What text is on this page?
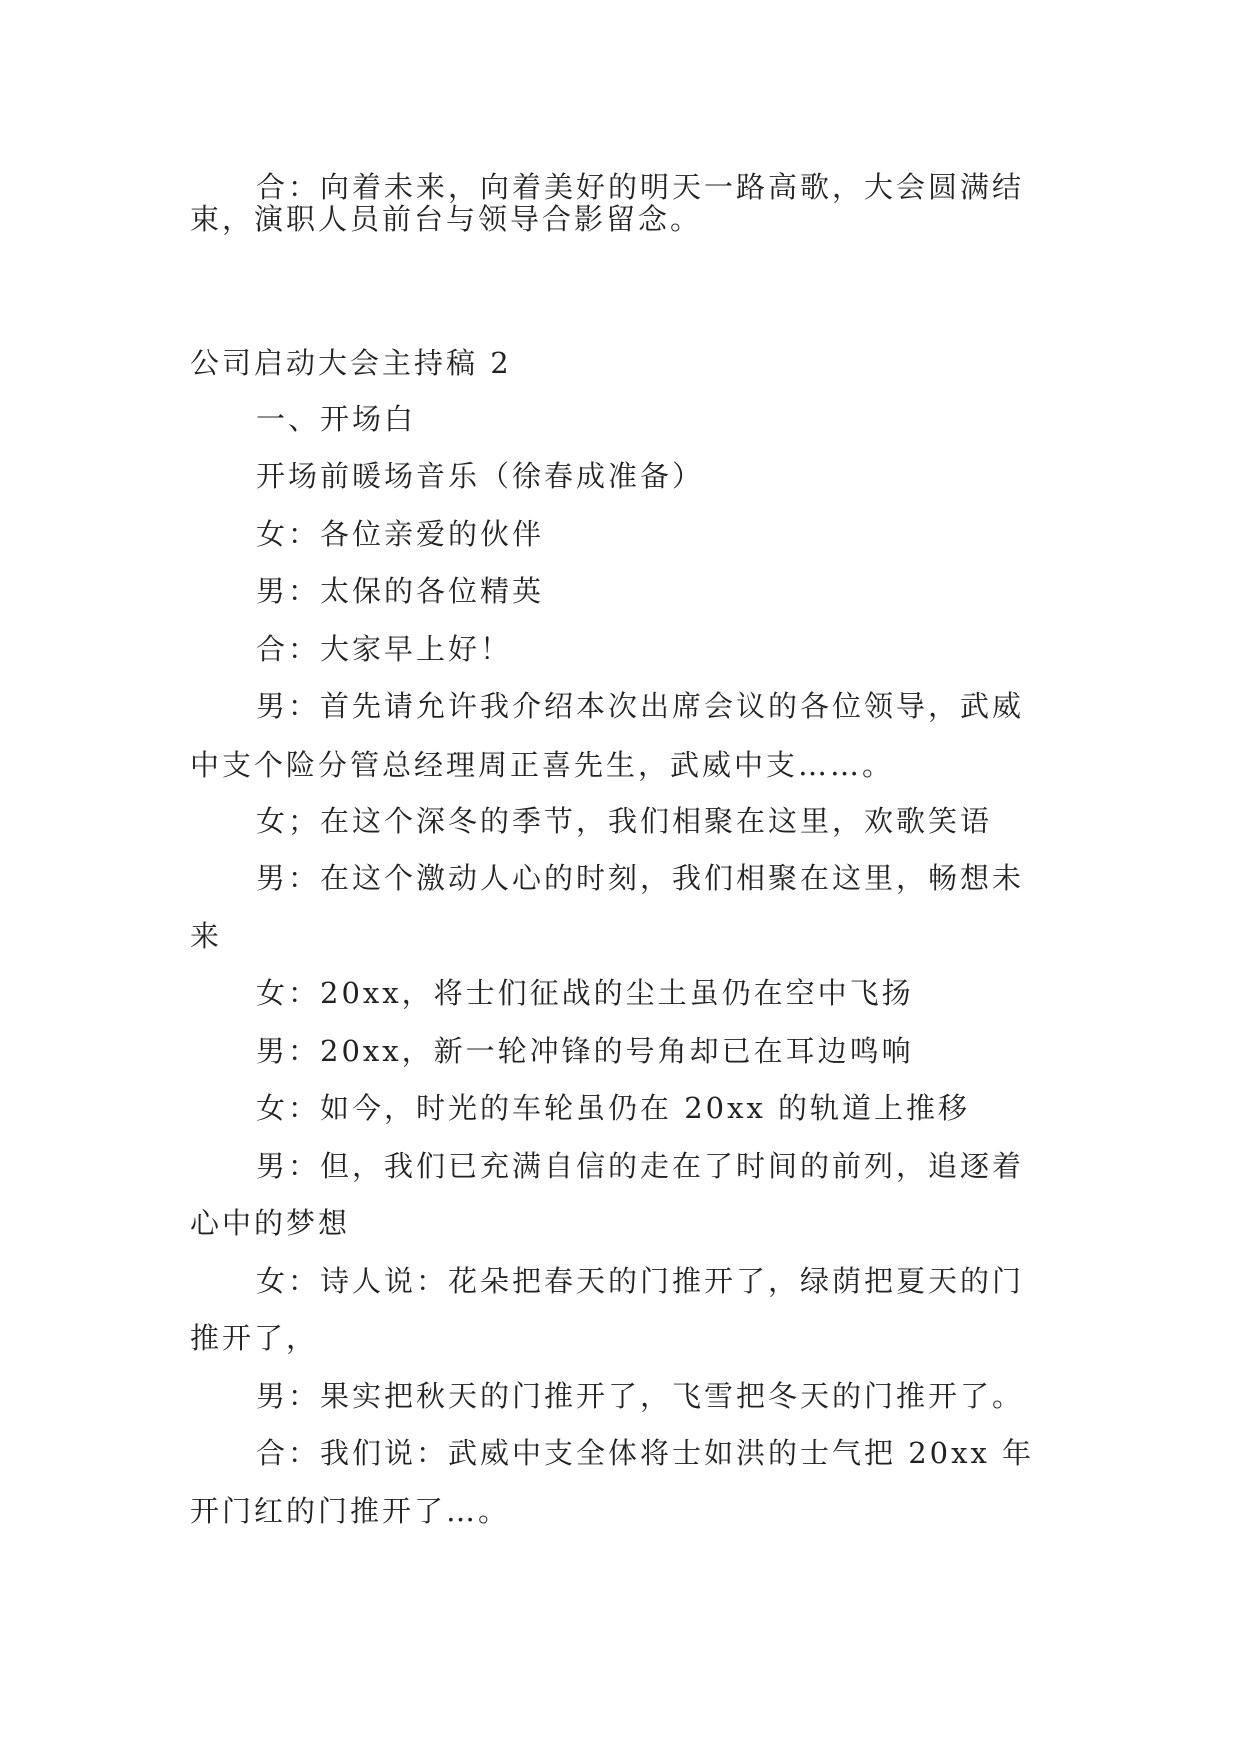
合：向着未来，向着美好的明天一路高歌，大会圆满结
束，演职人员前台与领导合影留念。
公司启动大会主持稿 2
一、开场白
开场前暖场音乐（徐春成准备）
女：各位亲爱的伙伴
男：太保的各位精英
合：大家早上好！
男：首先请允许我介绍本次出席会议的各位领导，武威
中支个险分管总经理周正喜先生，武威中支……。
女；在这个深冬的季节，我们相聚在这里，欢歌笑语
男：在这个激动人心的时刻，我们相聚在这里，畅想未
来
女：20xx，将士们征战的尘土虽仍在空中飞扬
男：20xx，新一轮冲锋的号角却已在耳边鸣响
女：如今，时光的车轮虽仍在 20xx 的轨道上推移
男：但，我们已充满自信的走在了时间的前列，追逐着
心中的梦想
女：诗人说：花朵把春天的门推开了，绿荫把夏天的门
推开了，
男：果实把秋天的门推开了，飞雪把冬天的门推开了。
合：我们说：武威中支全体将士如洪的士气把 20xx 年
开门红的门推开了…。
